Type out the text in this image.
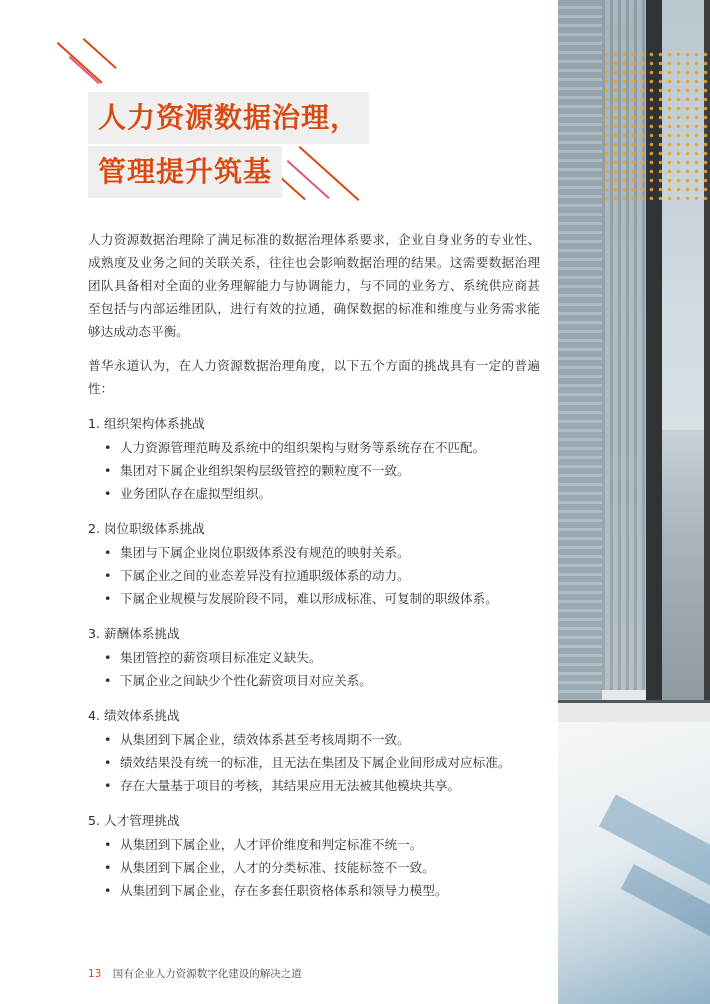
人力资源数据治理，
管理提升筑基

人力资源数据治理除了满足标准的数据治理体系要求，企业自身业务的专业性、成熟度及业务之间的关联关系，往往也会影响数据治理的结果。这需要数据治理团队具备相对全面的业务理解能力与协调能力，与不同的业务方、系统供应商甚至包括与内部运维团队，进行有效的拉通，确保数据的标准和维度与业务需求能够达成动态平衡。

普华永道认为，在人力资源数据治理角度，以下五个方面的挑战具有一定的普遍性：

1. 组织架构体系挑战

• 人力资源管理范畴及系统中的组织架构与财务等系统存在不匹配。
• 集团对下属企业组织架构层级管控的颗粒度不一致。
• 业务团队存在虚拟型组织。

2. 岗位职级体系挑战

• 集团与下属企业岗位职级体系没有规范的映射关系。
• 下属企业之间的业态差异没有拉通职级体系的动力。
• 下属企业规模与发展阶段不同，难以形成标准、可复制的职级体系。

3. 薪酬体系挑战

• 集团管控的薪资项目标准定义缺失。
• 下属企业之间缺少个性化薪资项目对应关系。

4. 绩效体系挑战

• 从集团到下属企业，绩效体系甚至考核周期不一致。
• 绩效结果没有统一的标准，且无法在集团及下属企业间形成对应标准。
• 存在大量基于项目的考核，其结果应用无法被其他模块共享。

5. 人才管理挑战

• 从集团到下属企业，人才评价维度和判定标准不统一。
• 从集团到下属企业，人才的分类标准、技能标签不一致。
• 从集团到下属企业，存在多套任职资格体系和领导力模型。
13 国有企业人力资源数字化建设的解决之道
